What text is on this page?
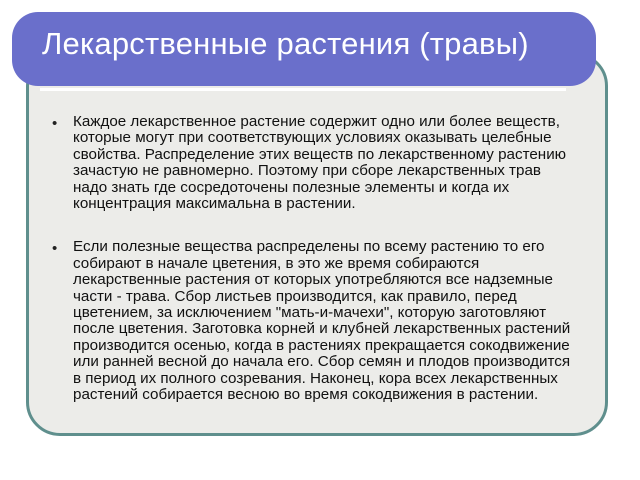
Лекарственные растения (травы)
• Каждое лекарственное растение содержит одно или более веществ, которые могут при соответствующих условиях оказывать целебные свойства. Распределение этих веществ по лекарственному растению зачастую не равномерно. Поэтому при сборе лекарственных трав надо знать где сосредоточены полезные элементы и когда их концентрация максимальна в растении.
• Если полезные вещества распределены по всему растению то его собирают в начале цветения, в это же время собираются лекарственные растения от которых употребляются все надземные части - трава. Сбор листьев производится, как правило, перед цветением, за исключением "мать-и-мачехи", которую заготовляют после цветения. Заготовка корней и клубней лекарственных растений производится осенью, когда в растениях прекращается сокодвижение или ранней весной до начала его. Сбор семян и плодов производится в период их полного созревания. Наконец, кора всех лекарственных растений собирается весною во время сокодвижения в растении.
